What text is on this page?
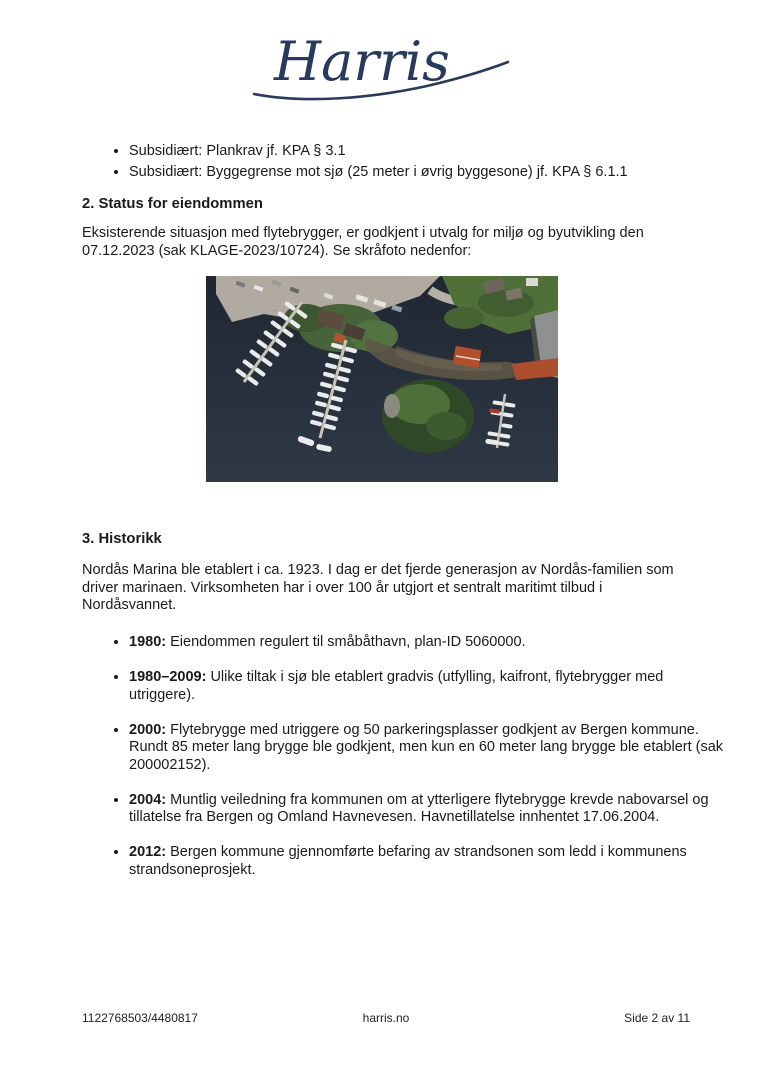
Harris
• Subsidiært: Plankrav jf. KPA § 3.1
• Subsidiært: Byggegrense mot sjø (25 meter i øvrig byggesone) jf. KPA § 6.1.1
2. Status for eiendommen

Eksisterende situasjon med flytebrygger, er godkjent i utvalg for miljø og byutvikling den 07.12.2023 (sak KLAGE-2023/10724). Se skråfoto nedenfor:

3. Historikk

Nordås Marina ble etablert i ca. 1923. I dag er det fjerde generasjon av Nordås-familien som driver marinaen. Virksomheten har i over 100 år utgjort et sentralt maritimt tilbud i Nordåsvannet.

• 1980: Eiendommen regulert til småbåthavn, plan-ID 5060000.
• 1980–2009: Ulike tiltak i sjø ble etablert gradvis (utfylling, kaifront, flytebrygger med utriggere).
• 2000: Flytebrygge med utriggere og 50 parkeringsplasser godkjent av Bergen kommune. Rundt 85 meter lang brygge ble godkjent, men kun en 60 meter lang brygge ble etablert (sak 200002152).
• 2004: Muntlig veiledning fra kommunen om at ytterligere flytebrygge krevde nabovarsel og tillatelse fra Bergen og Omland Havnevesen. Havnetillatelse innhentet 17.06.2004.
• 2012: Bergen kommune gjennomførte befaring av strandsonen som ledd i kommunens strandsoneprosjekt.
1122768503/4480817	harris.no	Side 2 av 11
